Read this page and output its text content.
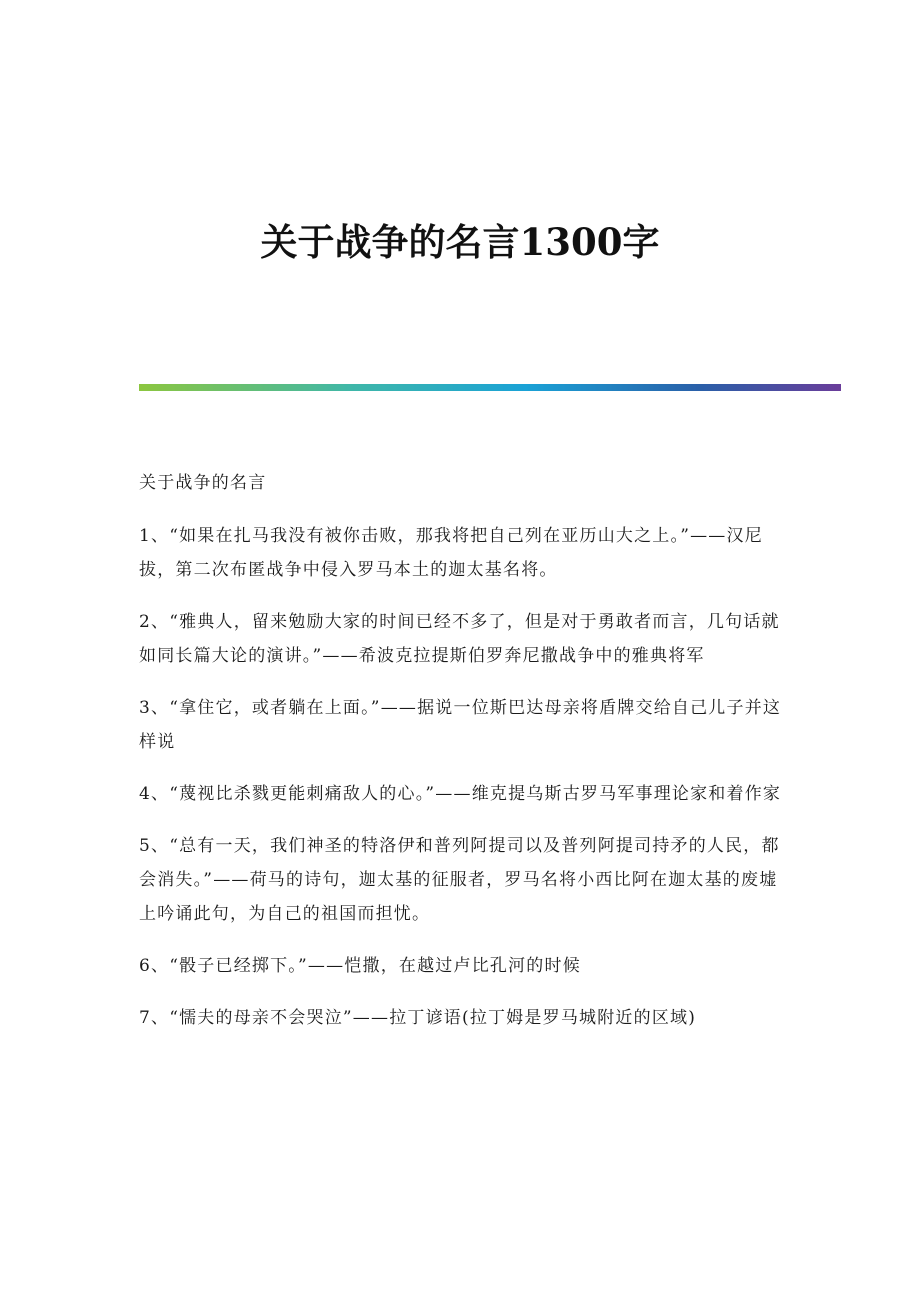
关于战争的名言1300字

关于战争的名言

1、“如果在扎马我没有被你击败，那我将把自己列在亚历山大之上。”——汉尼拔，第二次布匿战争中侵入罗马本土的迦太基名将。

2、“雅典人，留来勉励大家的时间已经不多了，但是对于勇敢者而言，几句话就如同长篇大论的演讲。”——希波克拉提斯伯罗奔尼撒战争中的雅典将军

3、“拿住它，或者躺在上面。”——据说一位斯巴达母亲将盾牌交给自己儿子并这样说

4、“蔑视比杀戮更能刺痛敌人的心。”——维克提乌斯古罗马军事理论家和着作家

5、“总有一天，我们神圣的特洛伊和普列阿提司以及普列阿提司持矛的人民，都会消失。”——荷马的诗句，迦太基的征服者，罗马名将小西比阿在迦太基的废墟上吟诵此句，为自己的祖国而担忧。

6、“骰子已经掷下。”——恺撒，在越过卢比孔河的时候

7、“懦夫的母亲不会哭泣”——拉丁谚语(拉丁姆是罗马城附近的区域)
